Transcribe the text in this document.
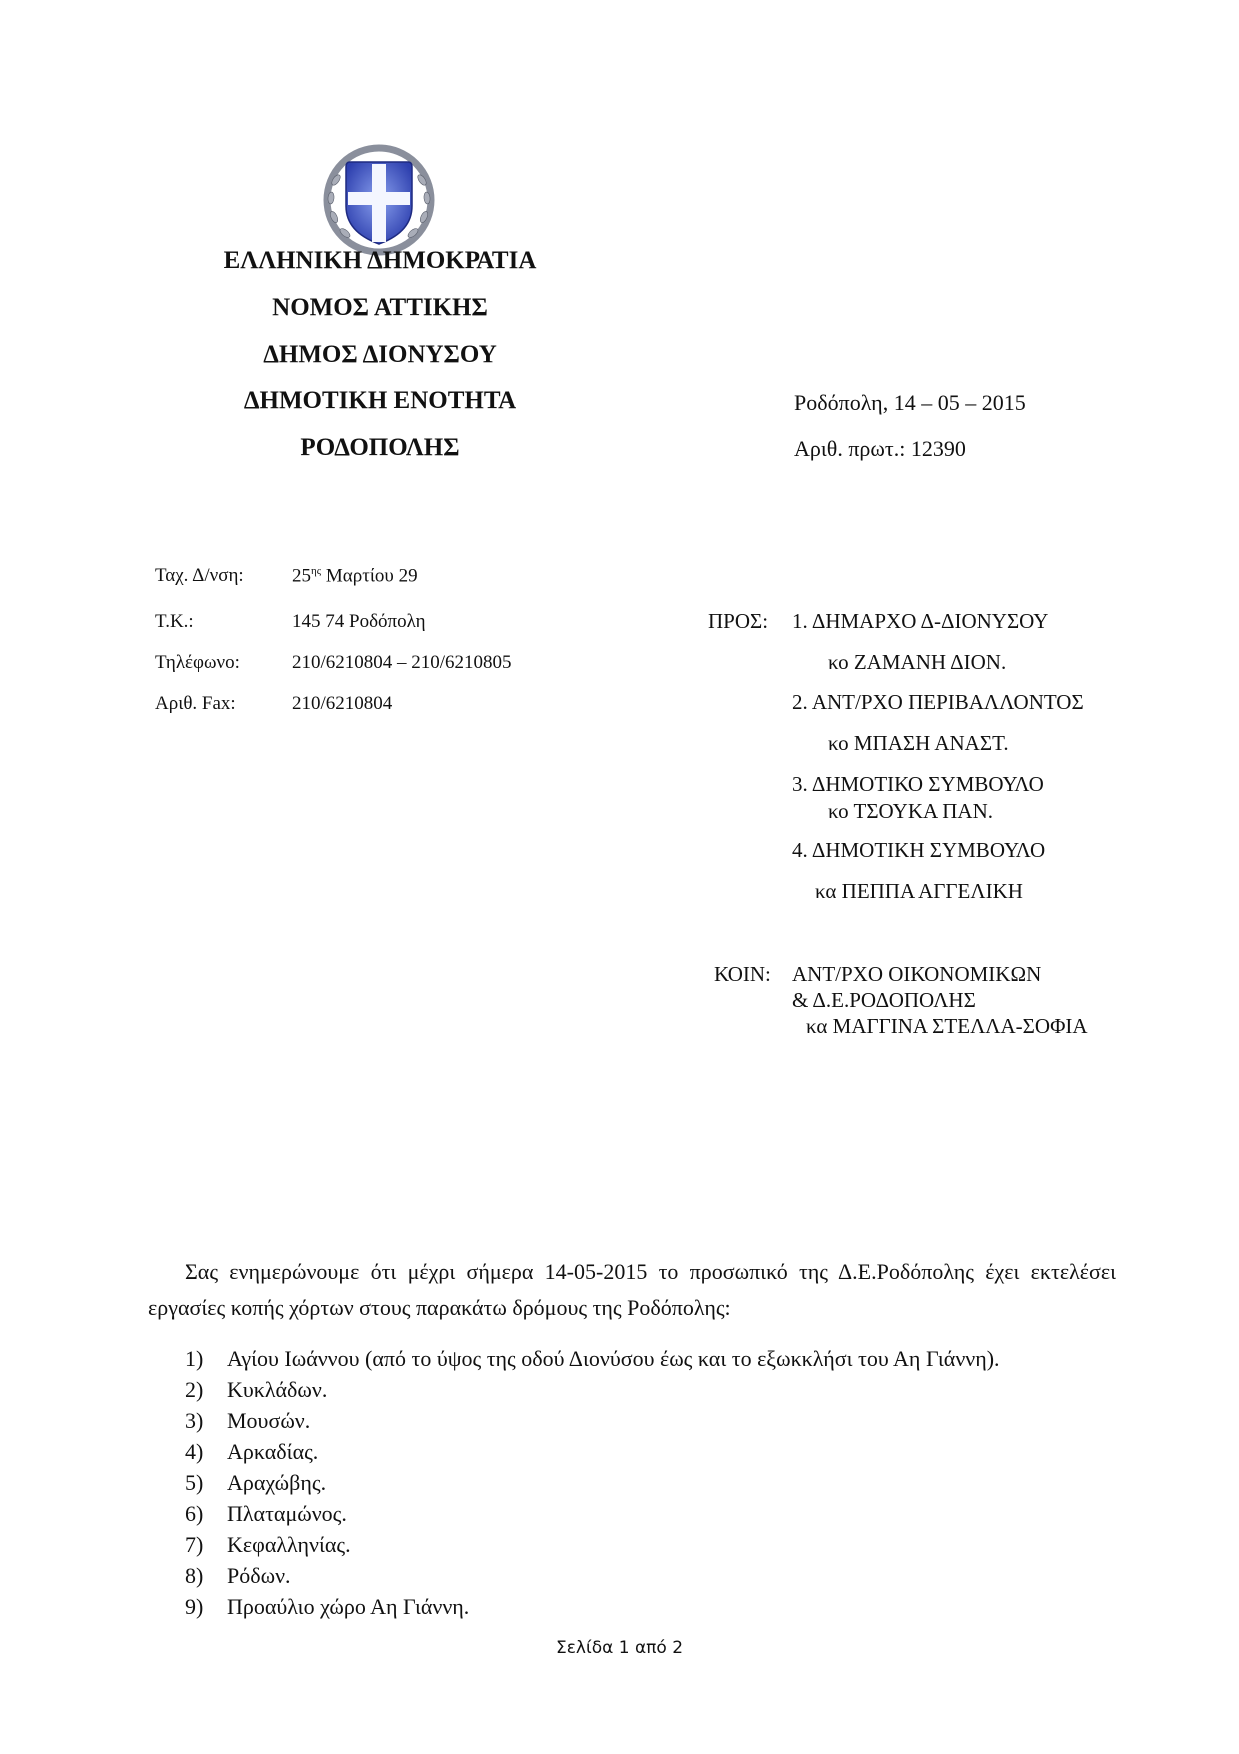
ΕΛΛΗΝΙΚΗ ΔΗΜΟΚΡΑΤΙΑ
ΝΟΜΟΣ ΑΤΤΙΚΗΣ
ΔΗΜΟΣ ΔΙΟΝΥΣΟΥ
ΔΗΜΟΤΙΚΗ ΕΝΟΤΗΤΑ
ΡΟΔΟΠΟΛΗΣ
Ροδόπολη, 14 – 05 – 2015
Αριθ. πρωτ.: 12390
Ταχ. Δ/νση:	$25^{\eta\varsigma}$ Μαρτίου 29
Τ.Κ.:	145 74 Ροδόπολη
Τηλέφωνο:	210/6210804 – 210/6210805
Αριθ. Fax:	210/6210804
ΠΡΟΣ: 1. ΔΗΜΑΡΧΟ Δ-ΔΙΟΝΥΣΟΥ
κο ΖΑΜΑΝΗ ΔΙΟΝ.
2. ΑΝΤ/ΡΧΟ ΠΕΡΙΒΑΛΛΟΝΤΟΣ
κο ΜΠΑΣΗ ΑΝΑΣΤ.
3. ΔΗΜΟΤΙΚΟ ΣΥΜΒΟΥΛΟ
κο ΤΣΟΥΚΑ ΠΑΝ.
4. ΔΗΜΟΤΙΚΗ ΣΥΜΒΟΥΛΟ
κα ΠΕΠΠΑ ΑΓΓΕΛΙΚΗ
ΚΟΙΝ: ΑΝΤ/ΡΧΟ ΟΙΚΟΝΟΜΙΚΩΝ
& Δ.Ε.ΡΟΔΟΠΟΛΗΣ
κα ΜΑΓΓΙΝΑ ΣΤΕΛΛΑ-ΣΟΦΙΑ
Σας ενημερώνουμε ότι μέχρι σήμερα 14-05-2015 το προσωπικό της Δ.Ε.Ροδόπολης έχει εκτελέσει εργασίες κοπής χόρτων στους παρακάτω δρόμους της Ροδόπολης:
1) Αγίου Ιωάννου (από το ύψος της οδού Διονύσου έως και το εξωκκλήσι του Αη Γιάννη).
2) Κυκλάδων.
3) Μουσών.
4) Αρκαδίας.
5) Αραχώβης.
6) Πλαταμώνος.
7) Κεφαλληνίας.
8) Ρόδων.
9) Προαύλιο χώρο Αη Γιάννη.
Σελίδα 1 από 2
